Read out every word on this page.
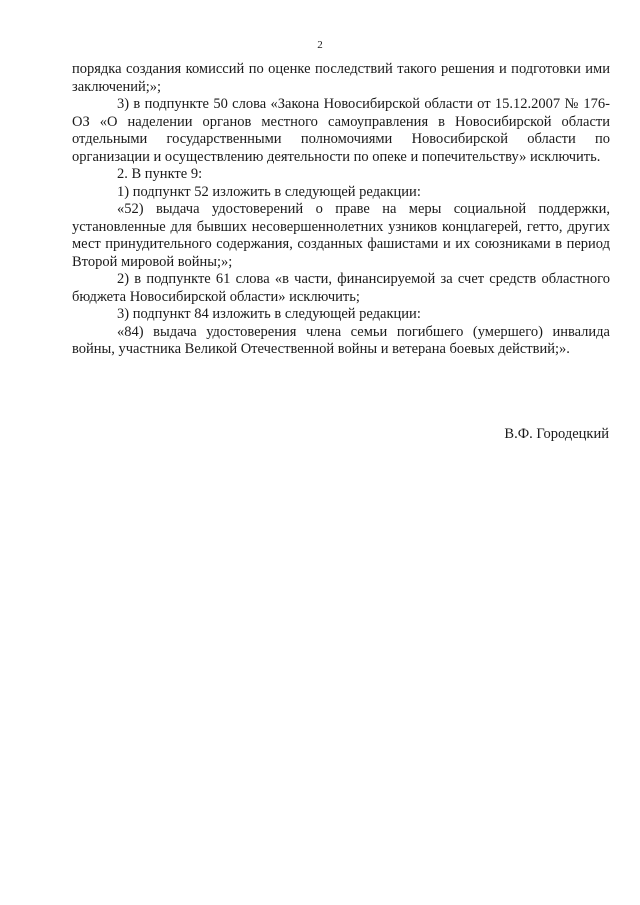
2

порядка создания комиссий по оценке последствий такого решения и подготовки ими заключений;»;

3) в подпункте 50 слова «Закона Новосибирской области от 15.12.2007 № 176-ОЗ «О наделении органов местного самоуправления в Новосибирской области отдельными государственными полномочиями Новосибирской области по организации и осуществлению деятельности по опеке и попечительству» исключить.

2. В пункте 9:

1) подпункт 52 изложить в следующей редакции:

«52) выдача удостоверений о праве на меры социальной поддержки, установленные для бывших несовершеннолетних узников концлагерей, гетто, других мест принудительного содержания, созданных фашистами и их союзниками в период Второй мировой войны;»;

2) в подпункте 61 слова «в части, финансируемой за счет средств областного бюджета Новосибирской области» исключить;

3) подпункт 84 изложить в следующей редакции:

«84) выдача удостоверения члена семьи погибшего (умершего) инвалида войны, участника Великой Отечественной войны и ветерана боевых действий;».

В.Ф. Городецкий
